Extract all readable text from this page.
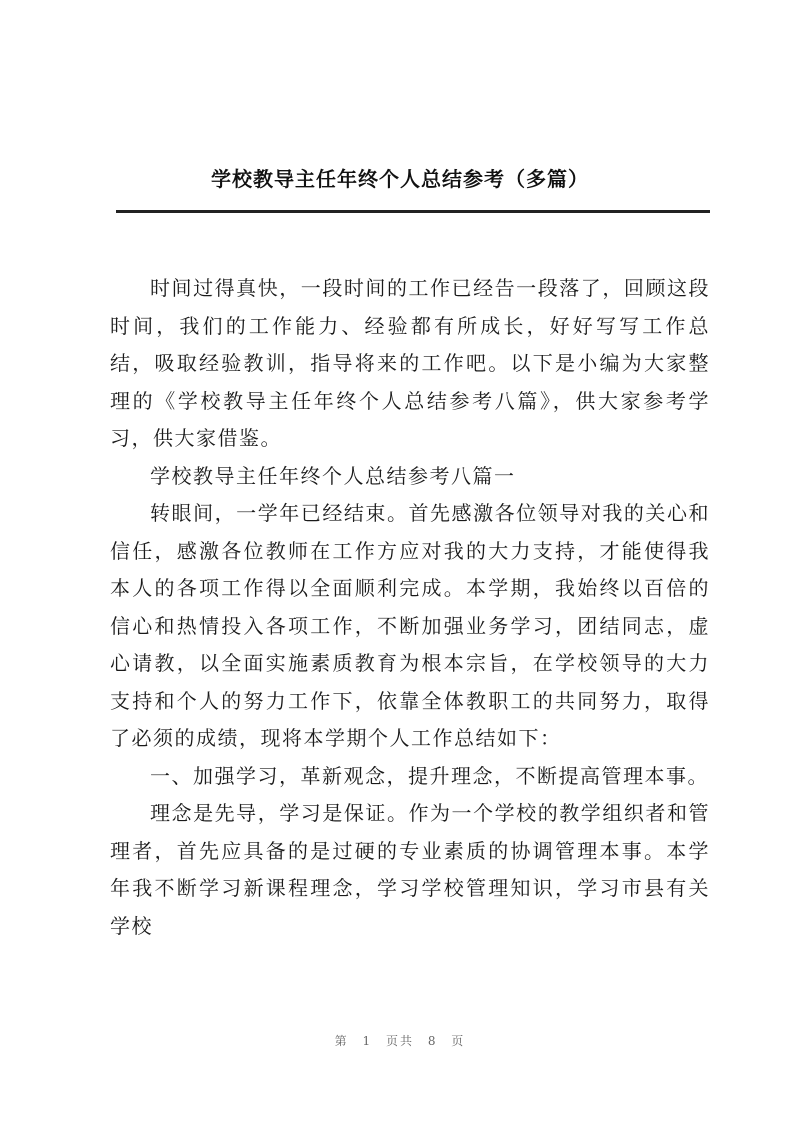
学校教导主任年终个人总结参考（多篇）

时间过得真快，一段时间的工作已经告一段落了，回顾这段时间，我们的工作能力、经验都有所成长，好好写写工作总结，吸取经验教训，指导将来的工作吧。以下是小编为大家整理的《学校教导主任年终个人总结参考八篇》，供大家参考学习，供大家借鉴。

学校教导主任年终个人总结参考八篇一

转眼间，一学年已经结束。首先感激各位领导对我的关心和信任，感激各位教师在工作方应对我的大力支持，才能使得我本人的各项工作得以全面顺利完成。本学期，我始终以百倍的信心和热情投入各项工作，不断加强业务学习，团结同志，虚心请教，以全面实施素质教育为根本宗旨，在学校领导的大力支持和个人的努力工作下，依靠全体教职工的共同努力，取得了必须的成绩，现将本学期个人工作总结如下：

一、加强学习，革新观念，提升理念，不断提高管理本事。

理念是先导，学习是保证。作为一个学校的教学组织者和管理者，首先应具备的是过硬的专业素质的协调管理本事。本学年我不断学习新课程理念，学习学校管理知识，学习市县有关学校

第 1 页共 8 页
